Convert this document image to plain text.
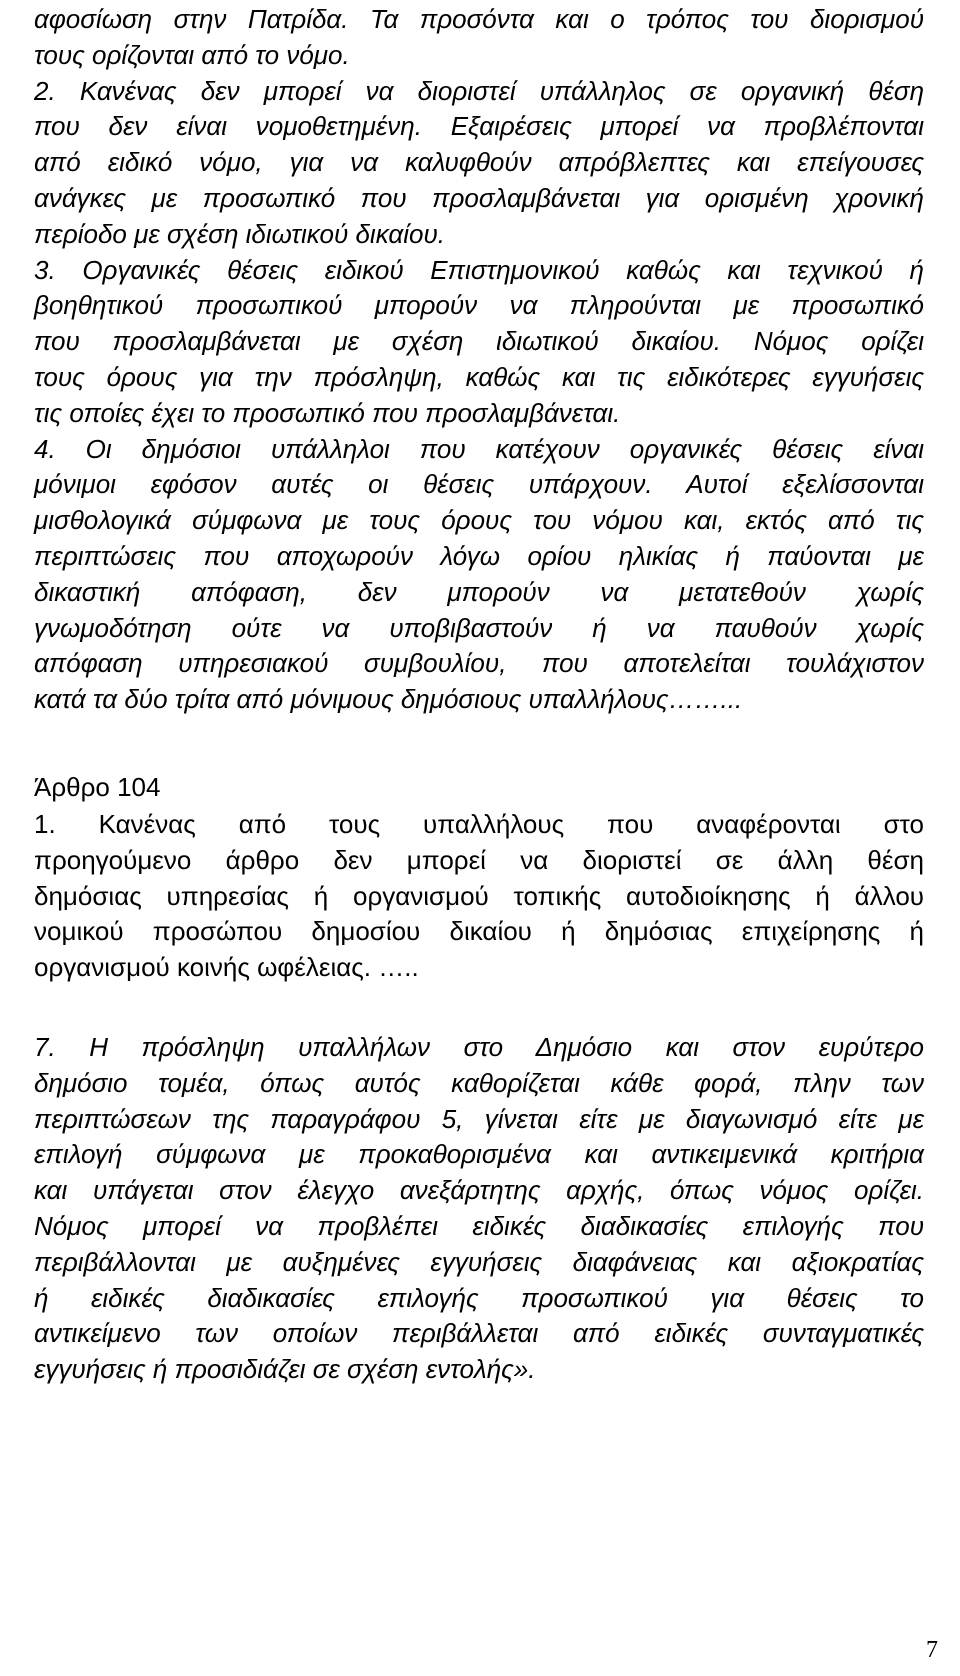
αφοσίωση στην Πατρίδα. Τα προσόντα και ο τρόπος του διορισμού
τους ορίζονται από το νόμο.
2. Κανένας δεν μπορεί να διοριστεί υπάλληλος σε οργανική θέση
που δεν είναι νομοθετημένη. Εξαιρέσεις μπορεί να προβλέπονται
από ειδικό νόμο, για να καλυφθούν απρόβλεπτες και επείγουσες
ανάγκες με προσωπικό που προσλαμβάνεται για ορισμένη χρονική
περίοδο με σχέση ιδιωτικού δικαίου.
3. Οργανικές θέσεις ειδικού Επιστημονικού καθώς και τεχνικού ή
βοηθητικού προσωπικού μπορούν να πληρούνται με προσωπικό
που προσλαμβάνεται με σχέση ιδιωτικού δικαίου. Νόμος ορίζει
τους όρους για την πρόσληψη, καθώς και τις ειδικότερες εγγυήσεις
τις οποίες έχει το προσωπικό που προσλαμβάνεται.
4. Οι δημόσιοι υπάλληλοι που κατέχουν οργανικές θέσεις είναι
μόνιμοι εφόσον αυτές οι θέσεις υπάρχουν. Αυτοί εξελίσσονται
μισθολογικά σύμφωνα με τους όρους του νόμου και, εκτός από τις
περιπτώσεις που αποχωρούν λόγω ορίου ηλικίας ή παύονται με
δικαστική απόφαση, δεν μπορούν να μετατεθούν χωρίς
γνωμοδότηση ούτε να υποβιβαστούν ή να παυθούν χωρίς
απόφαση υπηρεσιακού συμβουλίου, που αποτελείται τουλάχιστον
κατά τα δύο τρίτα από μόνιμους δημόσιους υπαλλήλους……...

Άρθρο 104

1. Κανένας από τους υπαλλήλους που αναφέρονται στο
προηγούμενο άρθρο δεν μπορεί να διοριστεί σε άλλη θέση
δημόσιας υπηρεσίας ή οργανισμού τοπικής αυτοδιοίκησης ή άλλου
νομικού προσώπου δημοσίου δικαίου ή δημόσιας επιχείρησης ή
οργανισμού κοινής ωφέλειας. …..

7. Η πρόσληψη υπαλλήλων στο Δημόσιο και στον ευρύτερο
δημόσιο τομέα, όπως αυτός καθορίζεται κάθε φορά, πλην των
περιπτώσεων της παραγράφου 5, γίνεται είτε με διαγωνισμό είτε με
επιλογή σύμφωνα με προκαθορισμένα και αντικειμενικά κριτήρια
και υπάγεται στον έλεγχο ανεξάρτητης αρχής, όπως νόμος ορίζει.
Νόμος μπορεί να προβλέπει ειδικές διαδικασίες επιλογής που
περιβάλλονται με αυξημένες εγγυήσεις διαφάνειας και αξιοκρατίας
ή ειδικές διαδικασίες επιλογής προσωπικού για θέσεις το
αντικείμενο των οποίων περιβάλλεται από ειδικές συνταγματικές
εγγυήσεις ή προσιδιάζει σε σχέση εντολής».

7
